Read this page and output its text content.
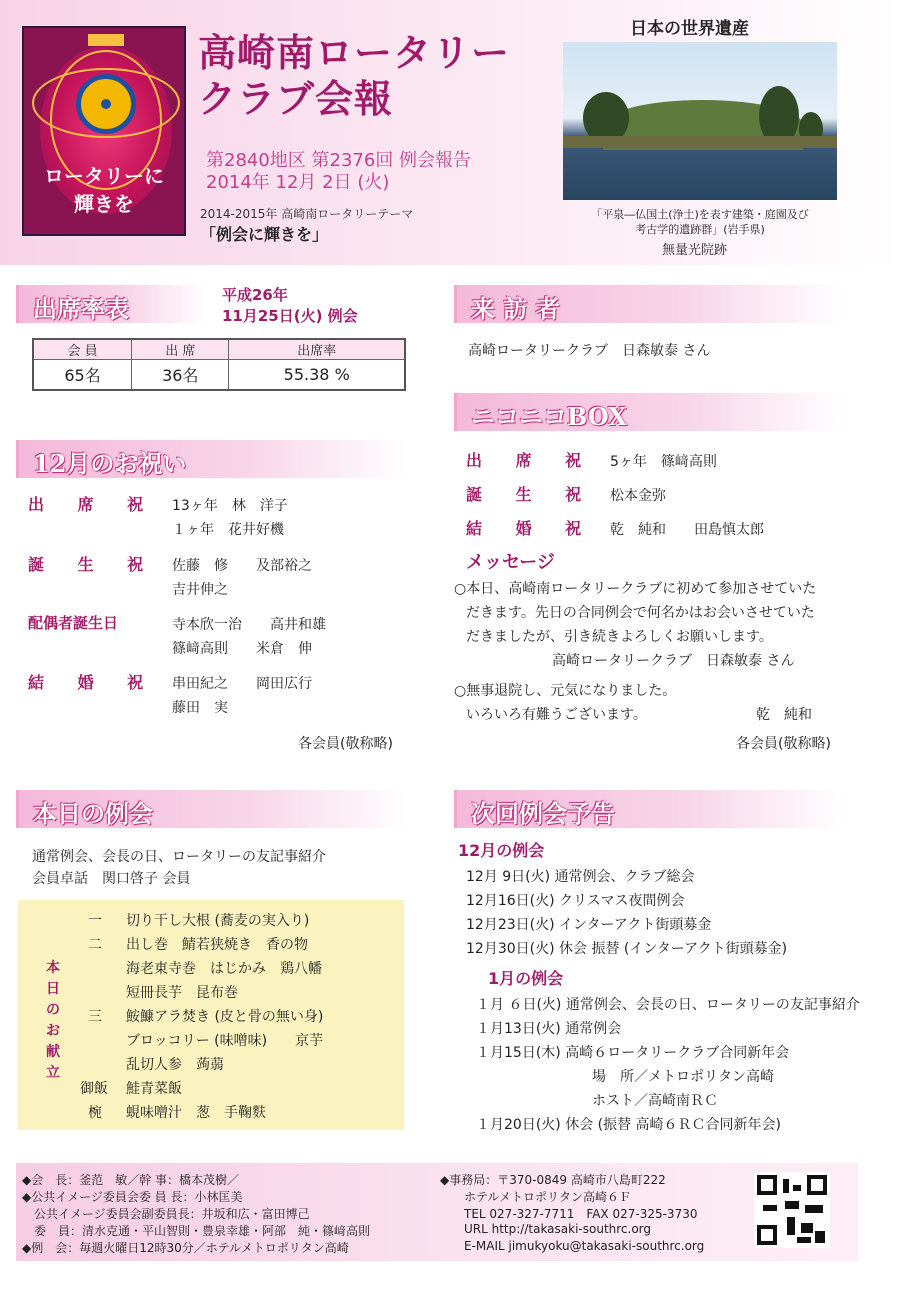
ロータリーに
輝きを
高崎南ロータリー
クラブ会報
第2840地区 第2376回 例会報告
2014年 12月 2日 (火)
2014-2015年 高崎南ロータリーテーマ
「例会に輝きを」
日本の世界遺産
「平泉―仏国土(浄土)を表す建築・庭園及び
考古学的遺跡群」(岩手県)
無量光院跡
出席率表	平成26年
11月25日(火) 例会
会 員	出 席	出席率
65名	36名	55.38 %
12月のお祝い
出 席 祝 13ヶ年　林　洋子
１ヶ年　花井好機
誕 生 祝 佐藤　修　　及部裕之
吉井伸之
配偶者誕生日	寺本欣一治　　高井和雄
篠﨑高則　　米倉　伸
結 婚 祝 串田紀之　　岡田広行
藤田　実
各会員(敬称略)
本日の例会
通常例会、会長の日、ロータリーの友記事紹介
会員卓話　関口啓子 会員
本
日
の
お
献
立
一 切り干し大根 (蕎麦の実入り)
二 出し巻　鯖若狭焼き　香の物
海老東寺巻　はじかみ　鶏八幡
短冊長芋　昆布巻
三 鮟鱇アラ焚き (皮と骨の無い身)
ブロッコリー (味噌味)　　京芋
乱切人参　蒟蒻
御飯 鮭青菜飯
椀 蜆味噌汁　葱　手鞠麩
来 訪 者
高崎ロータリークラブ　日森敏泰 さん
ニコニコBOX
出 席 祝 5ヶ年　篠﨑高則
誕 生 祝 松本金弥
結 婚 祝 乾　純和　　田島慎太郎
メッセージ
○本日、高崎南ロータリークラブに初めて参加させていた
だきます。先日の合同例会で何名かはお会いさせていた
だきましたが、引き続きよろしくお願いします。
高崎ロータリークラブ　日森敏泰 さん
○無事退院し、元気になりました。
いろいろ有難うございます。	乾　純和
各会員(敬称略)
次回例会予告
12月の例会
12月 9日(火) 通常例会、クラブ総会
12月16日(火) クリスマス夜間例会
12月23日(火) インターアクト街頭募金
12月30日(火) 休会 振替 (インターアクト街頭募金)
1月の例会
１月 ６日(火) 通常例会、会長の日、ロータリーの友記事紹介
１月13日(火) 通常例会
１月15日(木) 高崎６ロータリークラブ合同新年会
場　所／メトロポリタン高崎
ホスト／高崎南ＲＣ
１月20日(火) 休会 (振替 高崎６ＲＣ合同新年会)
◆会　長：釜范　敏／幹 事：橋本茂樹／
◆公共イメージ委員会委 員 長：小林匡美
　公共イメージ委員会副委員長：井坂和広・富田博己
　委　員：清水克通・平山智則・豊泉幸雄・阿部　純・篠﨑高則
◆例　会：毎週火曜日12時30分／ホテルメトロポリタン高崎
◆事務局：〒370-0849 高崎市八島町222
ホテルメトロポリタン高崎６Ｆ
TEL 027-327-7711　FAX 027-325-3730
URL http://takasaki-southrc.org
E-MAIL jimukyoku@takasaki-southrc.org
